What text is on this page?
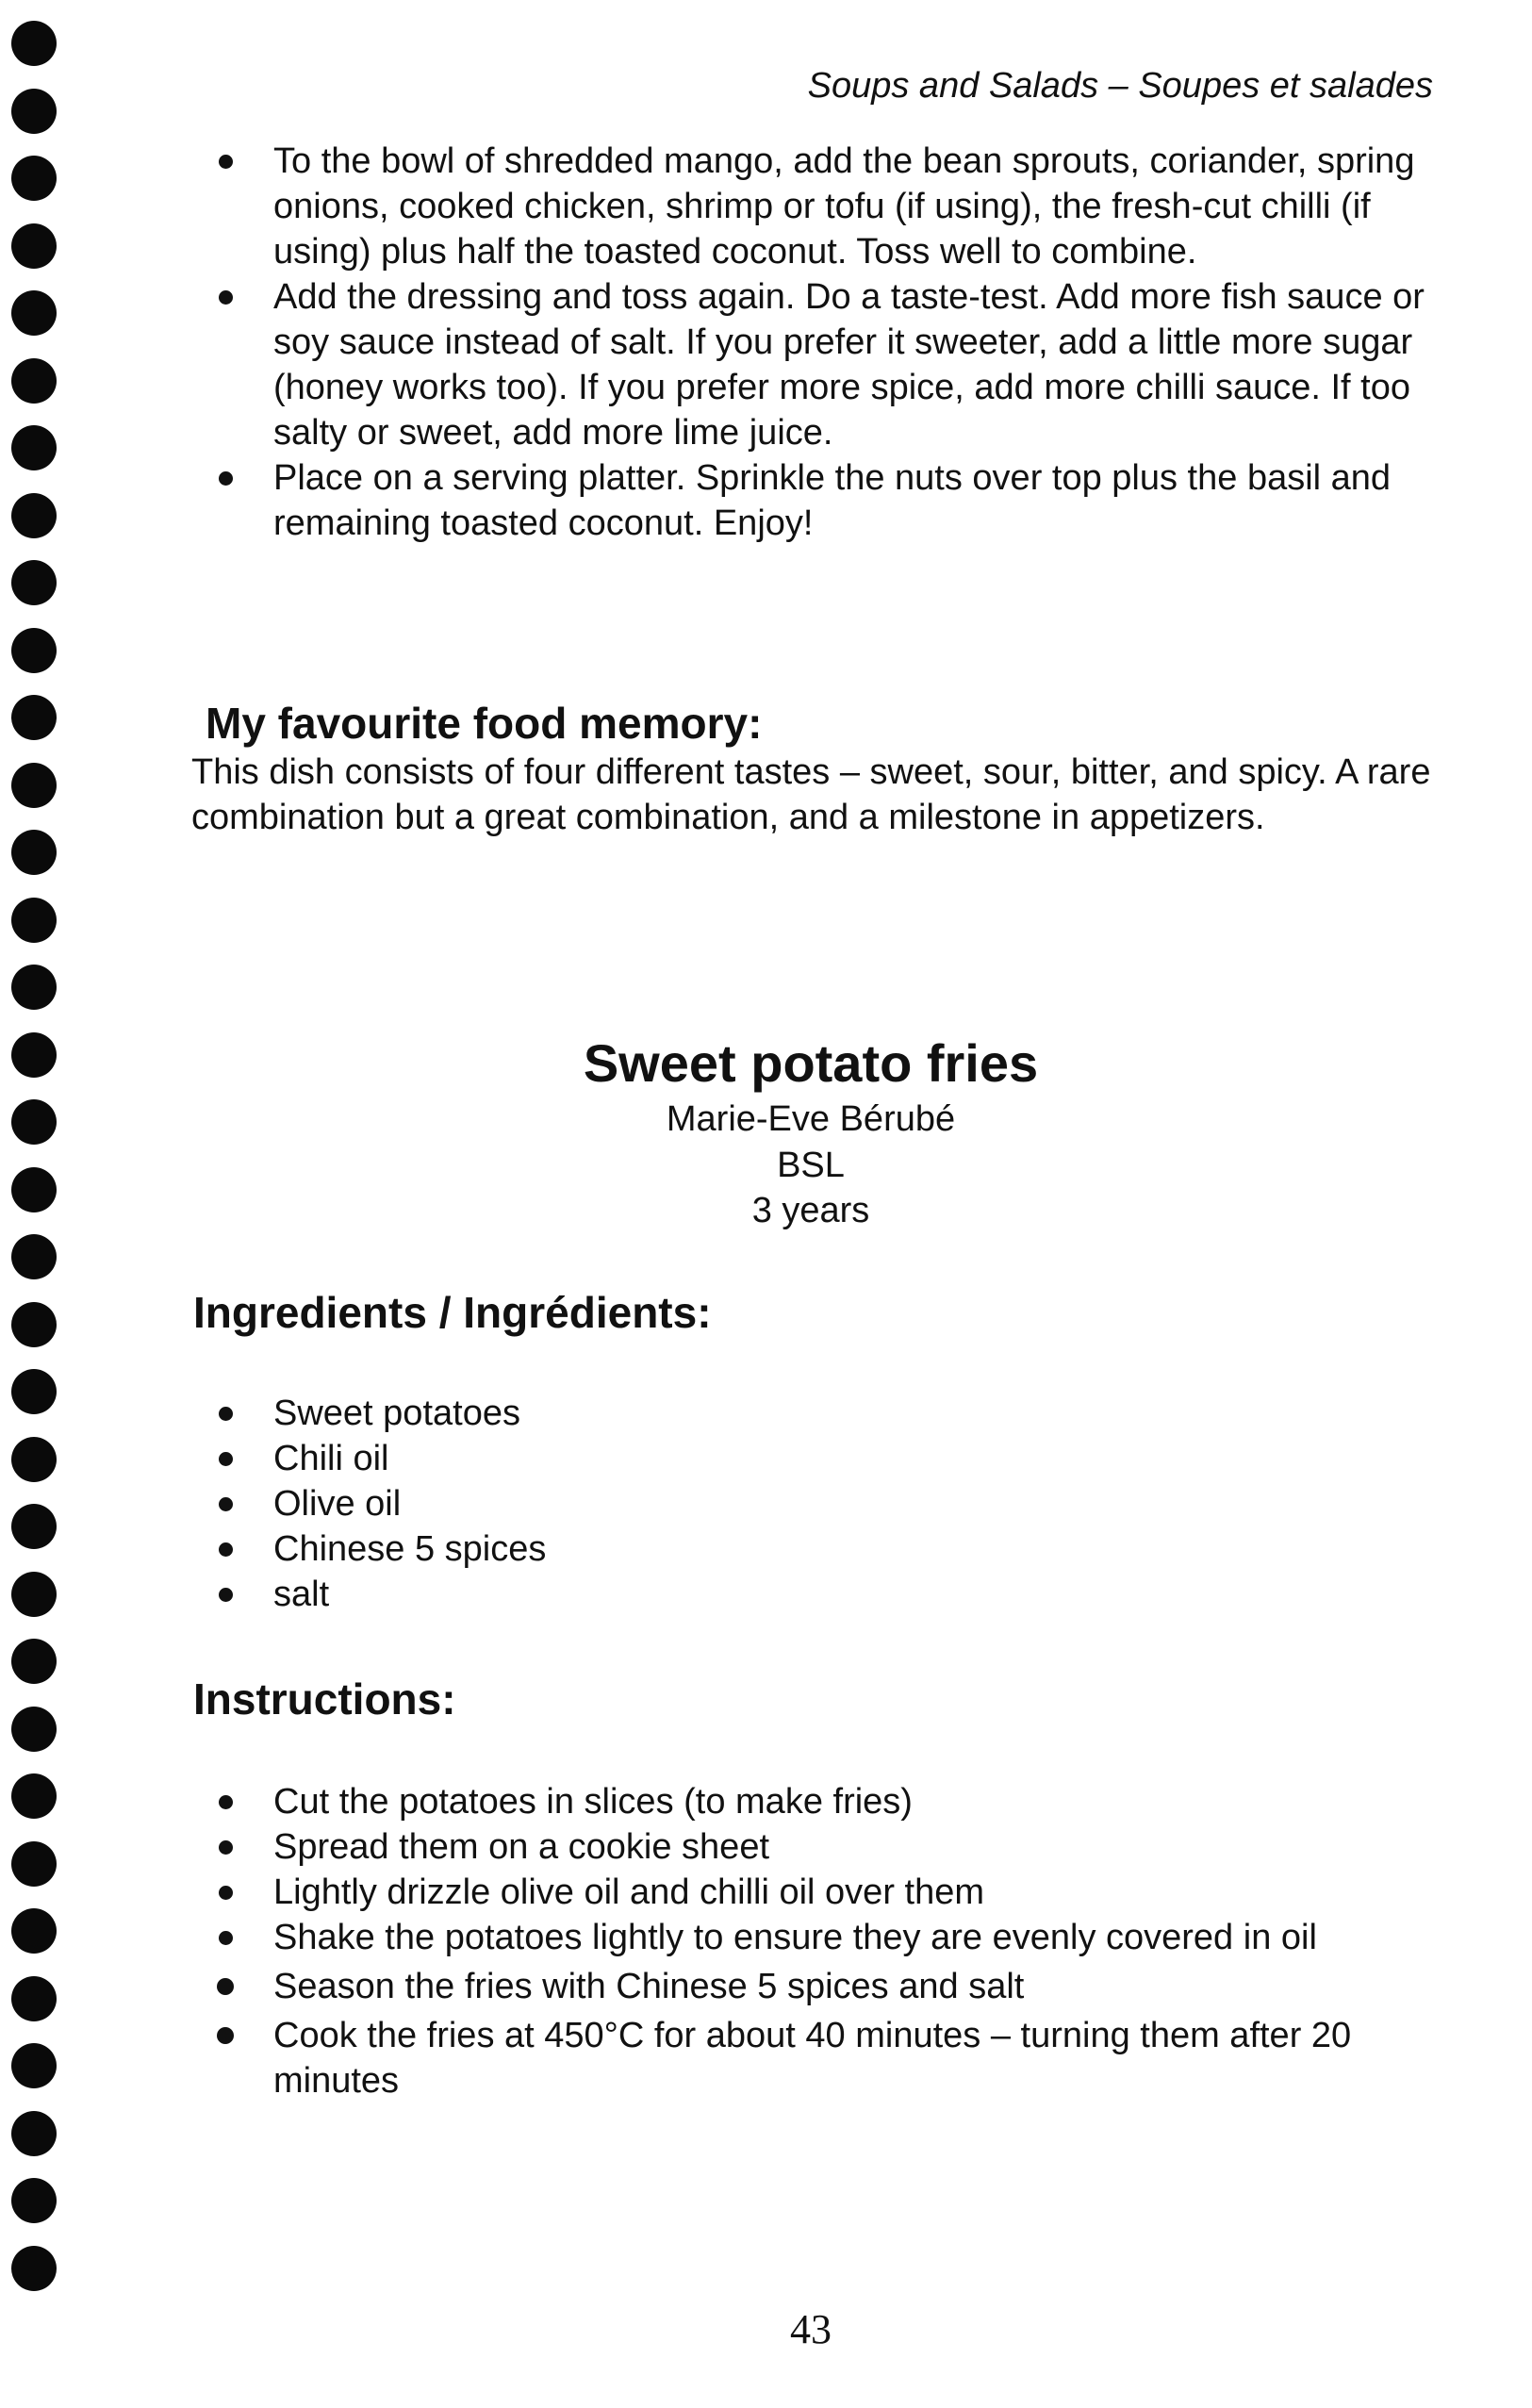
Soups and Salads – Soupes et salades
To the bowl of shredded mango, add the bean sprouts, coriander, spring onions, cooked chicken, shrimp or tofu (if using), the fresh-cut chilli (if using) plus half the toasted coconut. Toss well to combine.
Add the dressing and toss again. Do a taste-test. Add more fish sauce or soy sauce instead of salt. If you prefer it sweeter, add a little more sugar (honey works too). If you prefer more spice, add more chilli sauce. If too salty or sweet, add more lime juice.
Place on a serving platter. Sprinkle the nuts over top plus the basil and remaining toasted coconut. Enjoy!
My favourite food memory:
This dish consists of four different tastes – sweet, sour, bitter, and spicy. A rare combination but a great combination, and a milestone in appetizers.
Sweet potato fries
Marie-Eve Bérubé
BSL
3 years
Ingredients / Ingrédients:
Sweet potatoes
Chili oil
Olive oil
Chinese 5 spices
salt
Instructions:
Cut the potatoes in slices (to make fries)
Spread them on a cookie sheet
Lightly drizzle olive oil and chilli oil over them
Shake the potatoes lightly to ensure they are evenly covered in oil
Season the fries with Chinese 5 spices and salt
Cook the fries at 450°C for about 40 minutes – turning them after 20 minutes
43
